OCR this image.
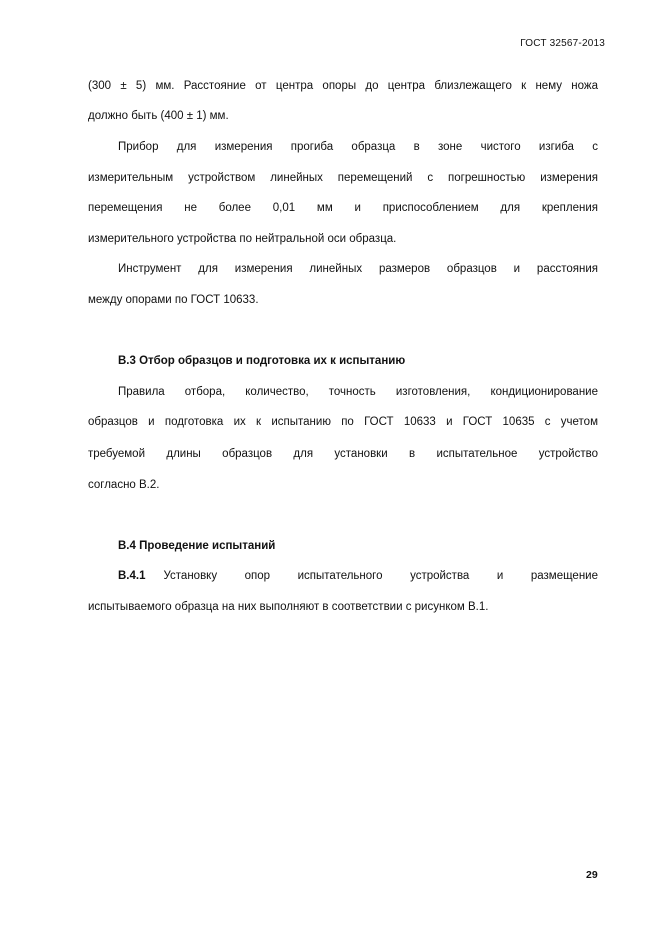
ГОСТ 32567-2013
(300 ± 5) мм. Расстояние от центра опоры до центра близлежащего к нему ножа
должно быть (400 ± 1) мм.
Прибор для измерения прогиба образца в зоне чистого изгиба с
измерительным устройством линейных перемещений с погрешностью измерения
перемещения не более 0,01 мм и приспособлением для крепления
измерительного устройства по нейтральной оси образца.
Инструмент для измерения линейных размеров образцов и расстояния
между опорами по ГОСТ 10633.
В.3 Отбор образцов и подготовка их к испытанию
Правила отбора, количество, точность изготовления, кондиционирование
образцов и подготовка их к испытанию по ГОСТ 10633 и ГОСТ 10635 с учетом
требуемой длины образцов для установки в испытательное устройство
согласно В.2.
В.4 Проведение испытаний
В.4.1 Установку опор испытательного устройства и размещение
испытываемого образца на них выполняют в соответствии с рисунком В.1.
29
